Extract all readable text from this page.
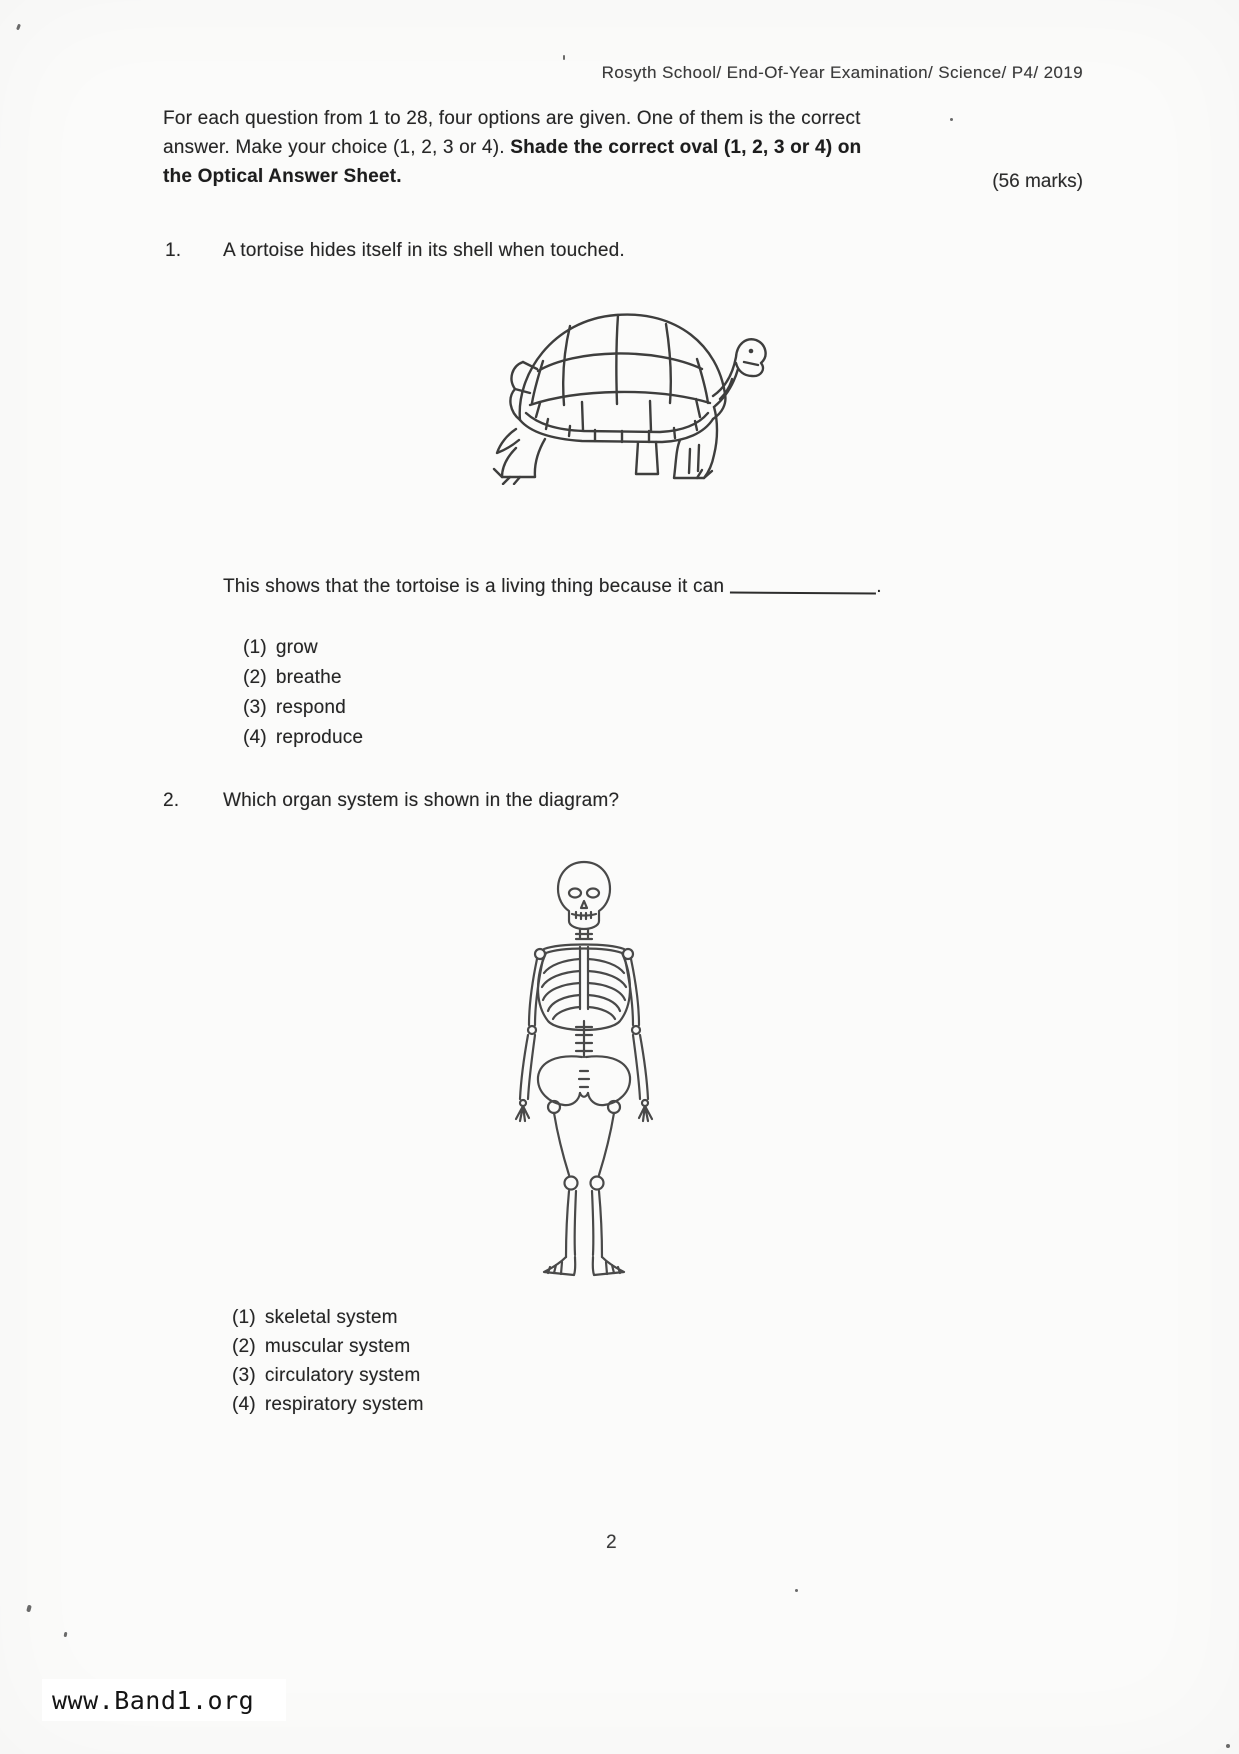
Rosyth School/ End-Of-Year Examination/ Science/ P4/ 2019
For each question from 1 to 28, four options are given. One of them is the correct
answer. Make your choice (1, 2, 3 or 4). Shade the correct oval (1, 2, 3 or 4) on
the Optical Answer Sheet.	(56 marks)
1. A tortoise hides itself in its shell when touched.
This shows that the tortoise is a living thing because it can	.
(1) grow
(2) breathe
(3) respond
(4) reproduce
2. Which organ system is shown in the diagram?
(1) skeletal system
(2) muscular system
(3) circulatory system
(4) respiratory system
2
www.Band1.org
